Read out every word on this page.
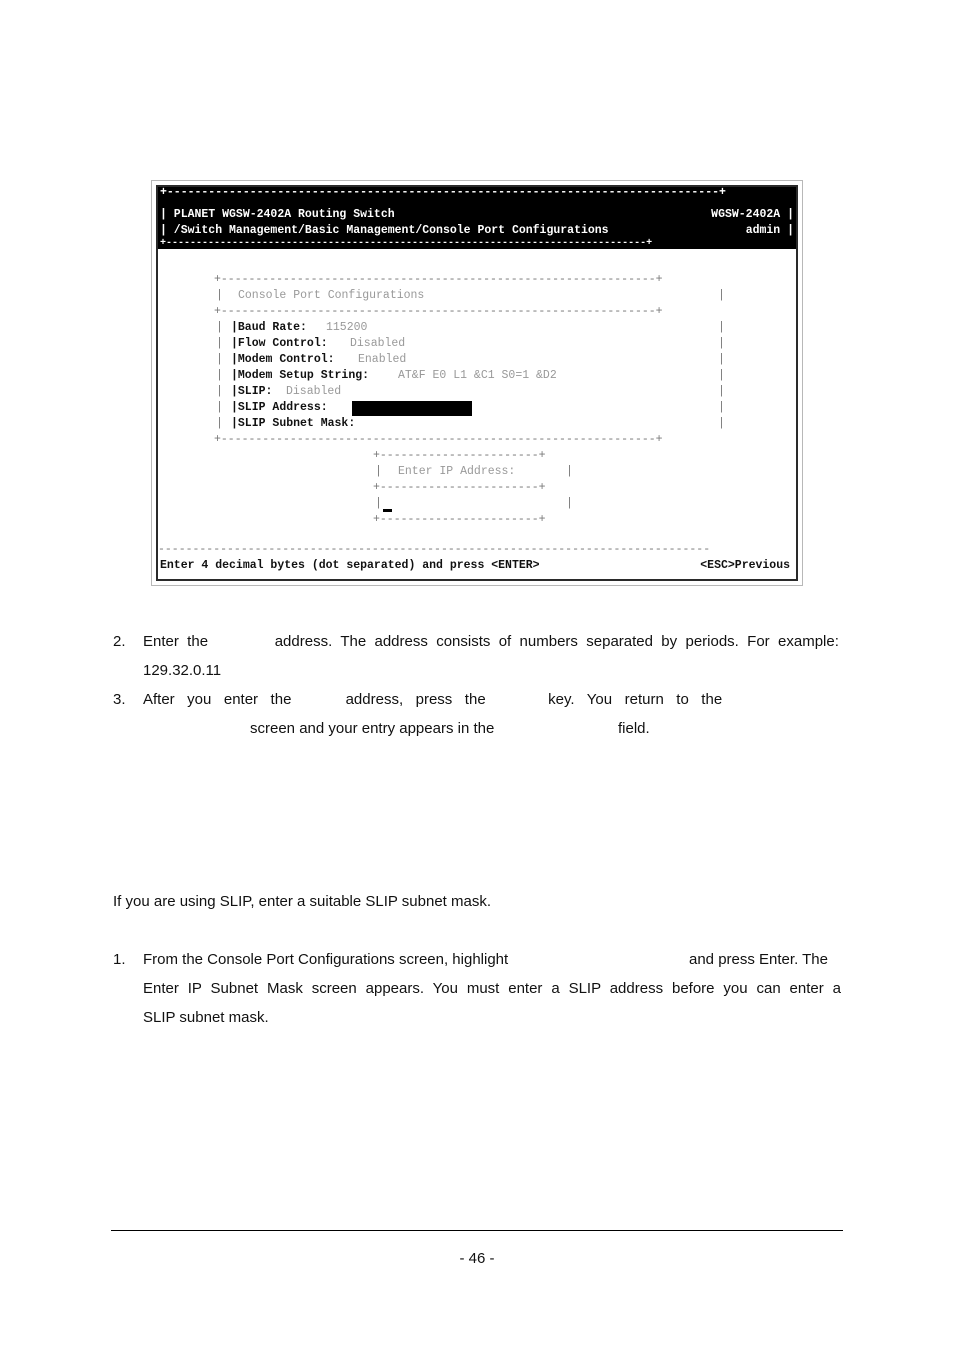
+--------------------------------------------------------------------------------+
| PLANET WGSW-2402A Routing Switch	WGSW-2402A |
| /Switch Management/Basic Management/Console Port Configurations	admin |
+--------------------------------------------------------------------------------+
+---------------------------------------------------------------+
| Console Port Configurations	|
+---------------------------------------------------------------+
| |Baud Rate: 115200	|
| |Flow Control: Disabled	|
| |Modem Control: Enabled	|
| |Modem Setup String:	AT&F E0 L1 &C1 S0=1 &D2	|
| |SLIP: Disabled	|
| |SLIP Address:	|
| |SLIP Subnet Mask:	|
+---------------------------------------------------------------+
+-----------------------+
| Enter IP Address:	|
+-----------------------+
|	|
+-----------------------+
--------------------------------------------------------------------------------
Enter 4 decimal bytes (dot separated) and press <ENTER>	<ESC>Previous
2. Enter  the                address.  The  address  consists  of  numbers  separated  by  periods.  For  example:
129.32.0.11
3. After   you   enter   the             address,   press   the               key.   You   return   to   the
screen and your entry appears in the	field.
If you are using SLIP, enter a suitable SLIP subnet mask.
1. From the Console Port Configurations screen, highlight	and press Enter. The
Enter IP Subnet Mask screen appears. You must enter a SLIP address before you can enter a
SLIP subnet mask.
- 46 -
